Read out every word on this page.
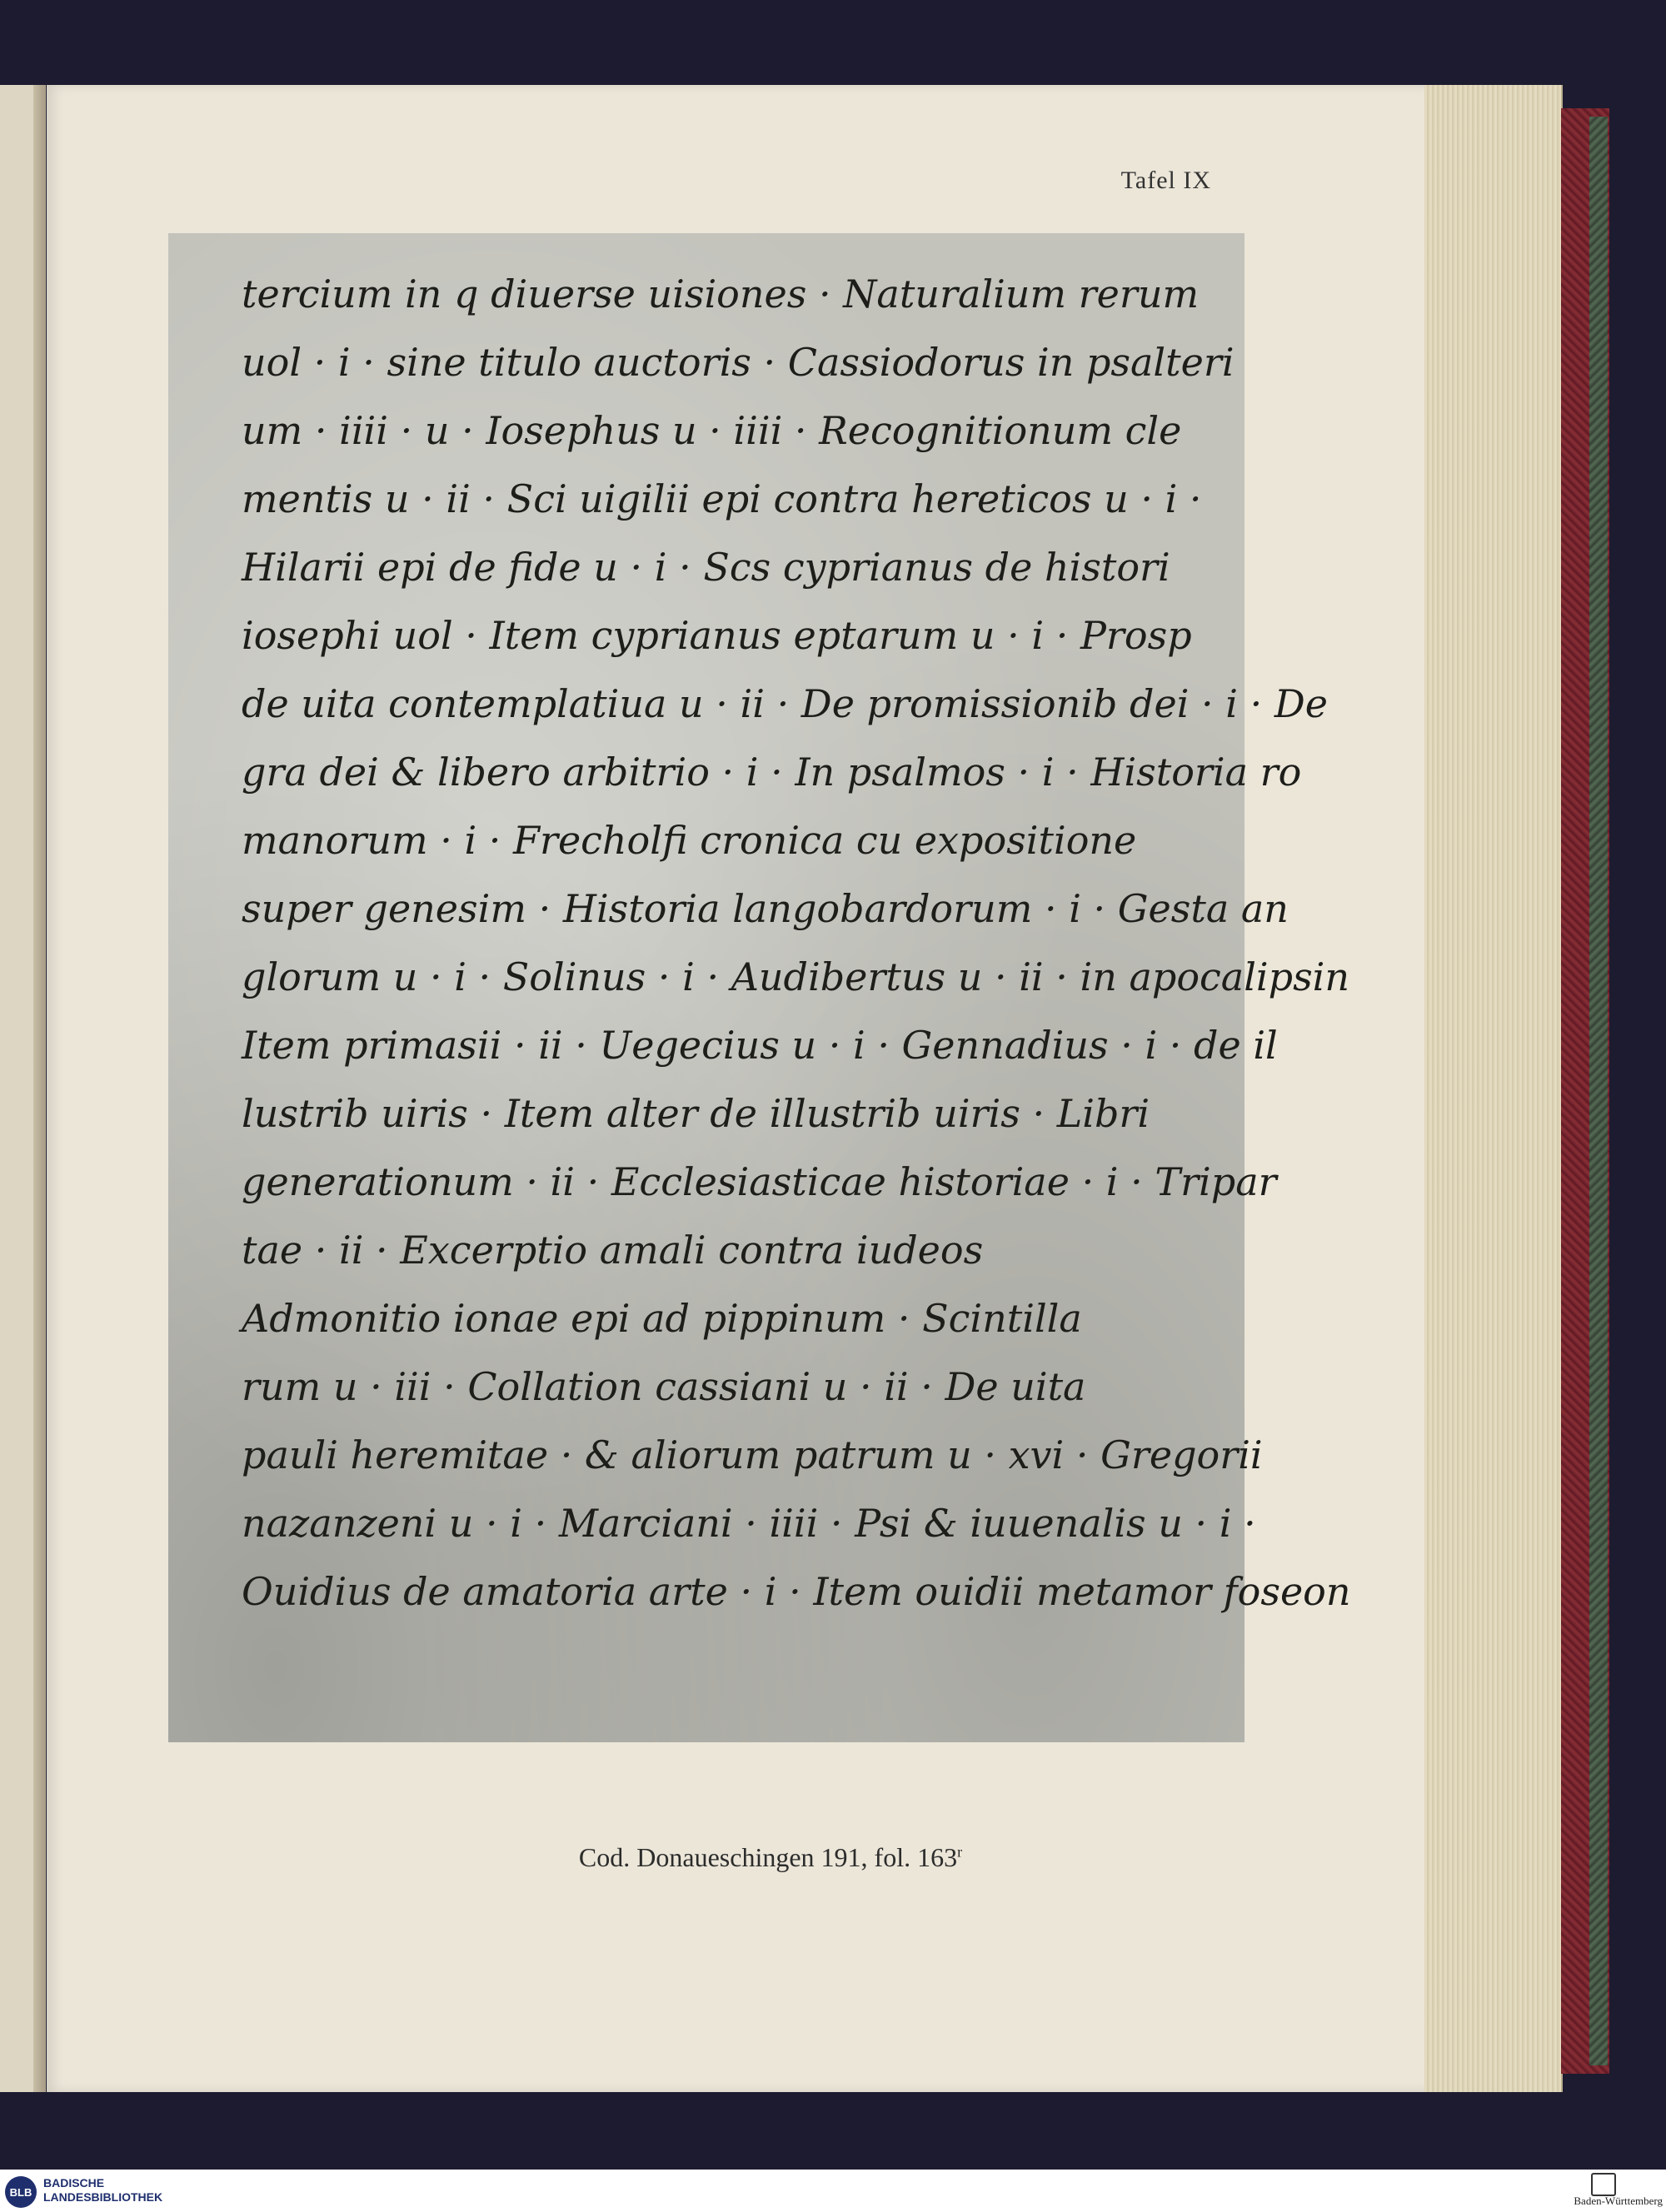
Tafel IX
tercium in q diuerse uisiones · Naturalium rerum
uol · i · sine titulo auctoris · Cassiodorus in psalteri
um · iiii · u · Iosephus u · iiii · Recognitionum cle
mentis u · ii · Sci uigilii epi contra hereticos u · i ·
Hilarii epi de fide u · i · Scs cyprianus de histori
iosephi uol · Item cyprianus eptarum u · i · Prosp
de uita contemplatiua u · ii · De promissionib dei · i · De
gra dei & libero arbitrio · i · In psalmos · i · Historia ro
manorum · i · Frecholfi cronica cu expositione
super genesim · Historia langobardorum · i · Gesta an
glorum u · i · Solinus · i · Audibertus u · ii · in apocalipsin
Item primasii · ii · Uegecius u · i · Gennadius · i · de il
lustrib uiris · Item alter de illustrib uiris · Libri
generationum · ii · Ecclesiasticae historiae · i · Tripar
tae · ii · Excerptio amali contra iudeos
Admonitio ionae epi ad pippinum · Scintilla
rum u · iii · Collation cassiani u · ii · De uita
pauli heremitae · & aliorum patrum u · xvi · Gregorii
nazanzeni u · i · Marciani · iiii · Psi & iuuenalis u · i ·
Ouidius de amatoria arte · i · Item ouidii metamor foseon
Cod. Donaueschingen 191, fol. 163$^r$
BLB
BADISCHE
LANDESBIBLIOTHEK	Baden-Württemberg
